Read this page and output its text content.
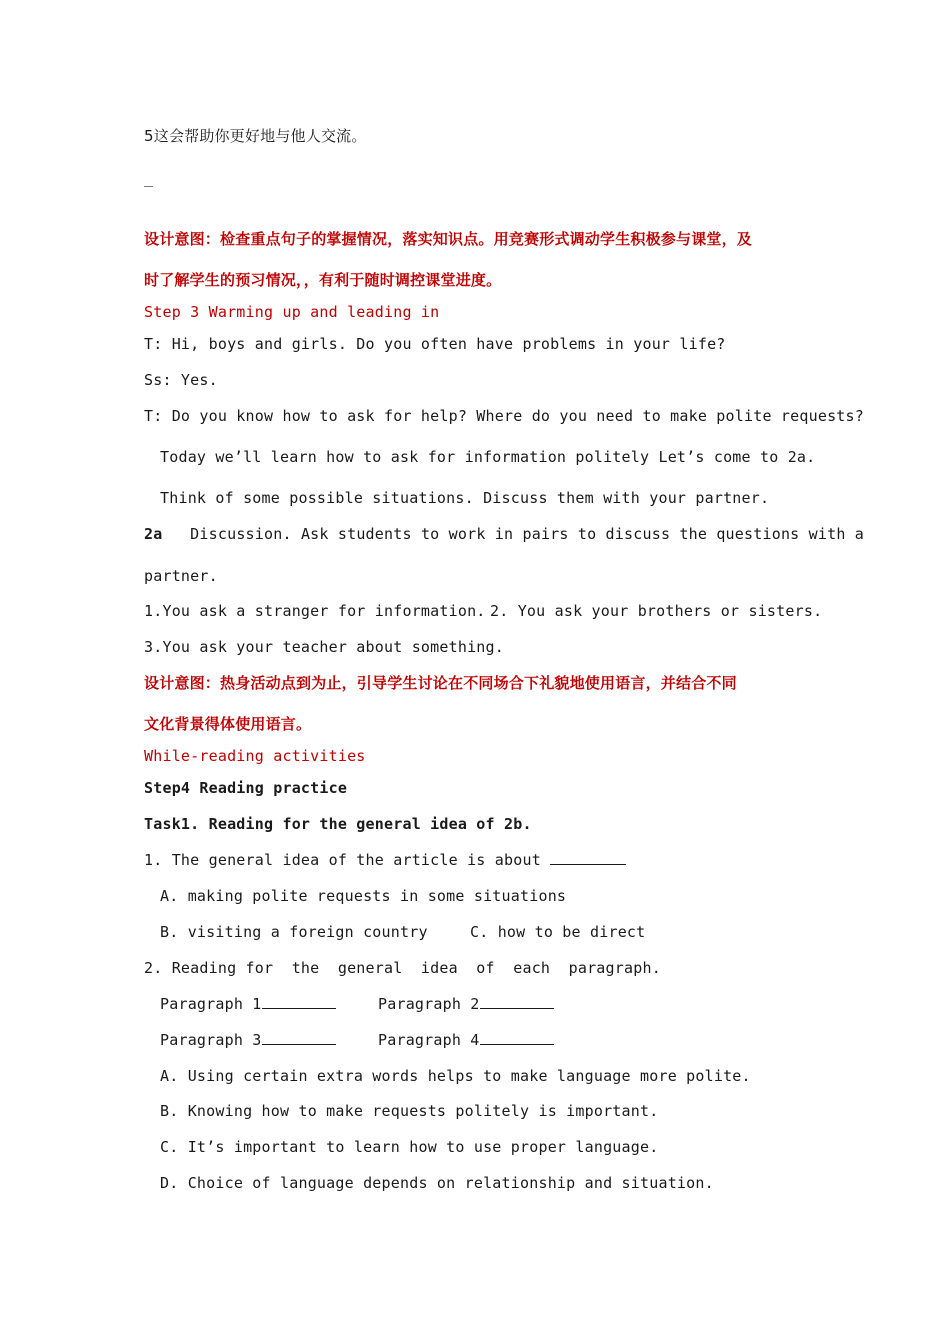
5这会帮助你更好地与他人交流。
_
设计意图：检查重点句子的掌握情况，落实知识点。用竞赛形式调动学生积极参与课堂，及
时了解学生的预习情况，，有利于随时调控课堂进度。
Step 3 Warming up and leading in
T: Hi, boys and girls. Do you often have problems in your life?
Ss: Yes.
T: Do you know how to ask for help? Where do you need to make polite requests?
Today we’ll learn how to ask for information politely Let’s come to 2a.
Think of some possible situations. Discuss them with your partner.
2a Discussion. Ask students to work in pairs to discuss the questions with a
partner.
1.You ask a stranger for information. 2. You ask your brothers or sisters.
3.You ask your teacher about something.
设计意图：热身活动点到为止，引导学生讨论在不同场合下礼貌地使用语言，并结合不同
文化背景得体使用语言。
While-reading activities
Step4 Reading practice
Task1. Reading for the general idea of 2b.
1. The general idea of the article is about
A. making polite requests in some situations
B. visiting a foreign country	C. how to be direct
2. Reading for  the  general  idea  of  each  paragraph.
Paragraph 1	Paragraph 2
Paragraph 3	Paragraph 4
A. Using certain extra words helps to make language more polite.
B. Knowing how to make requests politely is important.
C. It’s important to learn how to use proper language.
D. Choice of language depends on relationship and situation.
